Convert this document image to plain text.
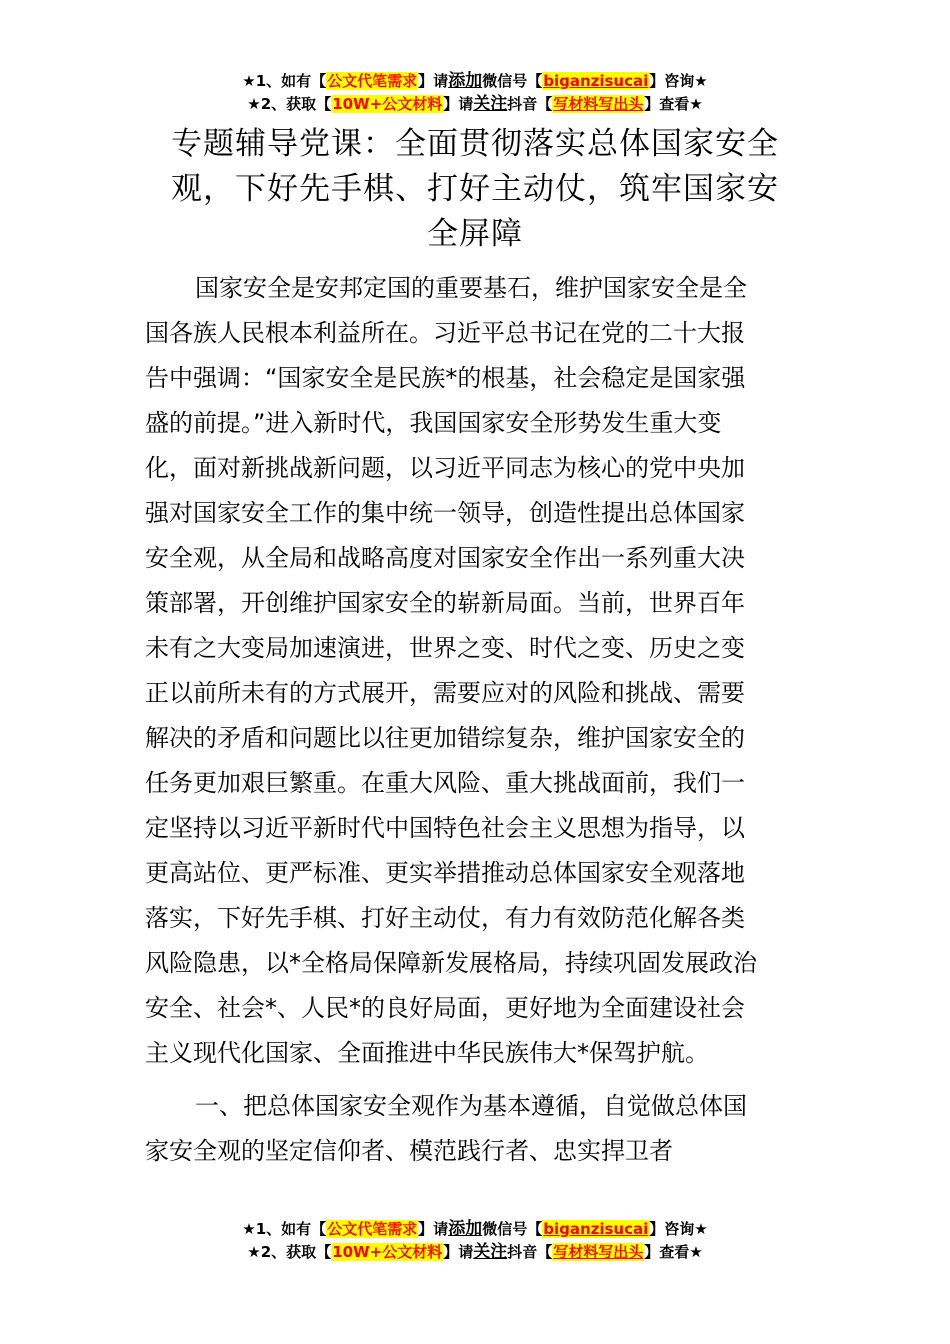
★1、如有【公文代笔需求】请添加微信号【biganzisucai】咨询★
★2、获取【10W+公文材料】请关注抖音【写材料写出头】查看★
专题辅导党课：全面贯彻落实总体国家安全
观，下好先手棋、打好主动仗，筑牢国家安
全屏障
国家安全是安邦定国的重要基石，维护国家安全是全
国各族人民根本利益所在。习近平总书记在党的二十大报
告中强调：“国家安全是民族*的根基，社会稳定是国家强
盛的前提。”进入新时代，我国国家安全形势发生重大变
化，面对新挑战新问题，以习近平同志为核心的党中央加
强对国家安全工作的集中统一领导，创造性提出总体国家
安全观，从全局和战略高度对国家安全作出一系列重大决
策部署，开创维护国家安全的崭新局面。当前，世界百年
未有之大变局加速演进，世界之变、时代之变、历史之变
正以前所未有的方式展开，需要应对的风险和挑战、需要
解决的矛盾和问题比以往更加错综复杂，维护国家安全的
任务更加艰巨繁重。在重大风险、重大挑战面前，我们一
定坚持以习近平新时代中国特色社会主义思想为指导，以
更高站位、更严标准、更实举措推动总体国家安全观落地
落实，下好先手棋、打好主动仗，有力有效防范化解各类
风险隐患，以*全格局保障新发展格局，持续巩固发展政治
安全、社会*、人民*的良好局面，更好地为全面建设社会
主义现代化国家、全面推进中华民族伟大*保驾护航。
一、把总体国家安全观作为基本遵循，自觉做总体国
家安全观的坚定信仰者、模范践行者、忠实捍卫者
★1、如有【公文代笔需求】请添加微信号【biganzisucai】咨询★
★2、获取【10W+公文材料】请关注抖音【写材料写出头】查看★
